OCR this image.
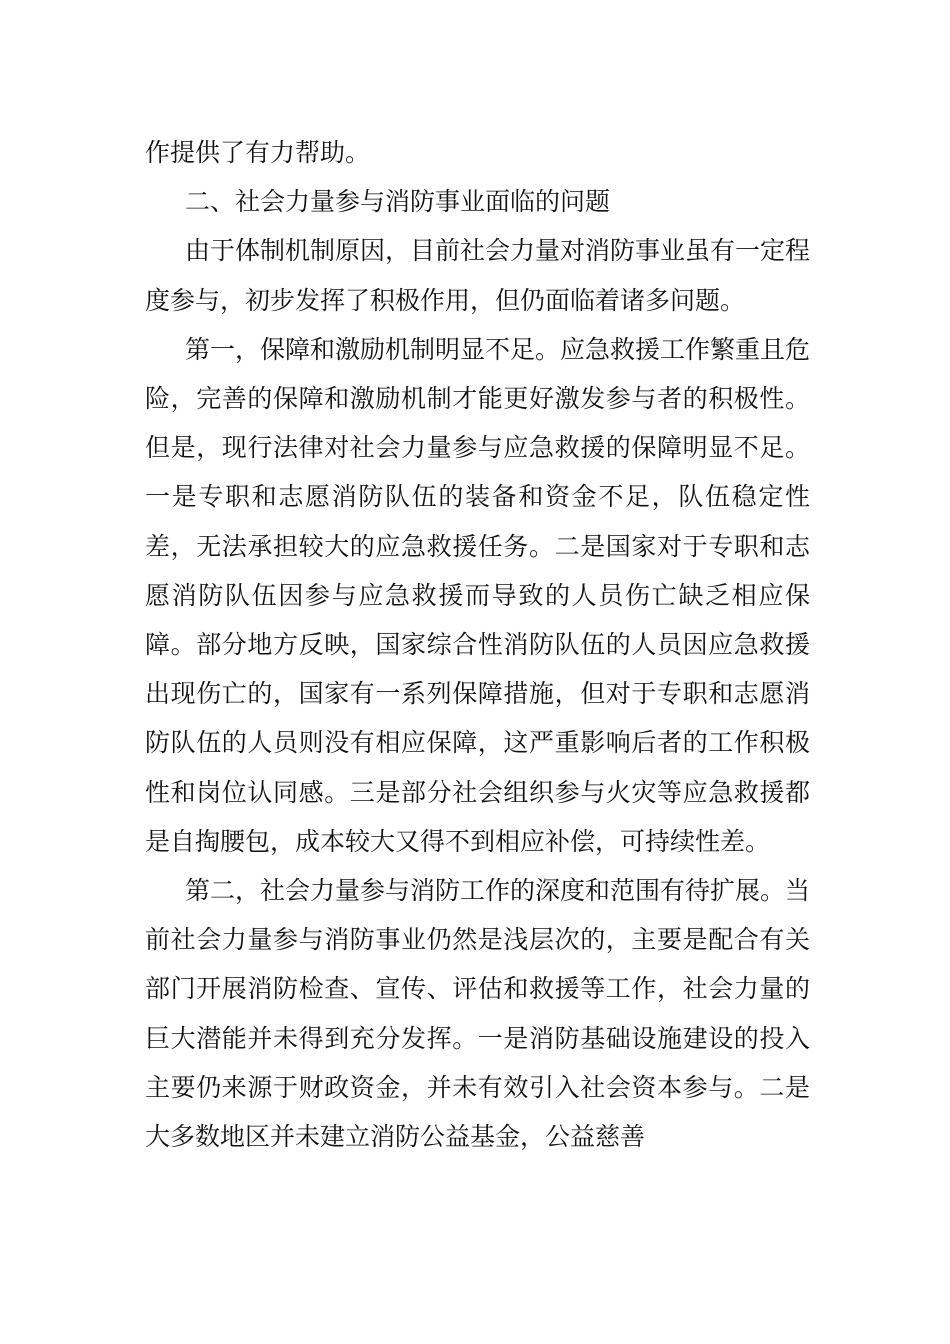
作提供了有力帮助。

二、社会力量参与消防事业面临的问题

由于体制机制原因，目前社会力量对消防事业虽有一定程度参与，初步发挥了积极作用，但仍面临着诸多问题。

第一，保障和激励机制明显不足。应急救援工作繁重且危险，完善的保障和激励机制才能更好激发参与者的积极性。但是，现行法律对社会力量参与应急救援的保障明显不足。一是专职和志愿消防队伍的装备和资金不足，队伍稳定性差，无法承担较大的应急救援任务。二是国家对于专职和志愿消防队伍因参与应急救援而导致的人员伤亡缺乏相应保障。部分地方反映，国家综合性消防队伍的人员因应急救援出现伤亡的，国家有一系列保障措施，但对于专职和志愿消防队伍的人员则没有相应保障，这严重影响后者的工作积极性和岗位认同感。三是部分社会组织参与火灾等应急救援都是自掏腰包，成本较大又得不到相应补偿，可持续性差。

第二，社会力量参与消防工作的深度和范围有待扩展。当前社会力量参与消防事业仍然是浅层次的，主要是配合有关部门开展消防检查、宣传、评估和救援等工作，社会力量的巨大潜能并未得到充分发挥。一是消防基础设施建设的投入主要仍来源于财政资金，并未有效引入社会资本参与。二是大多数地区并未建立消防公益基金，公益慈善
